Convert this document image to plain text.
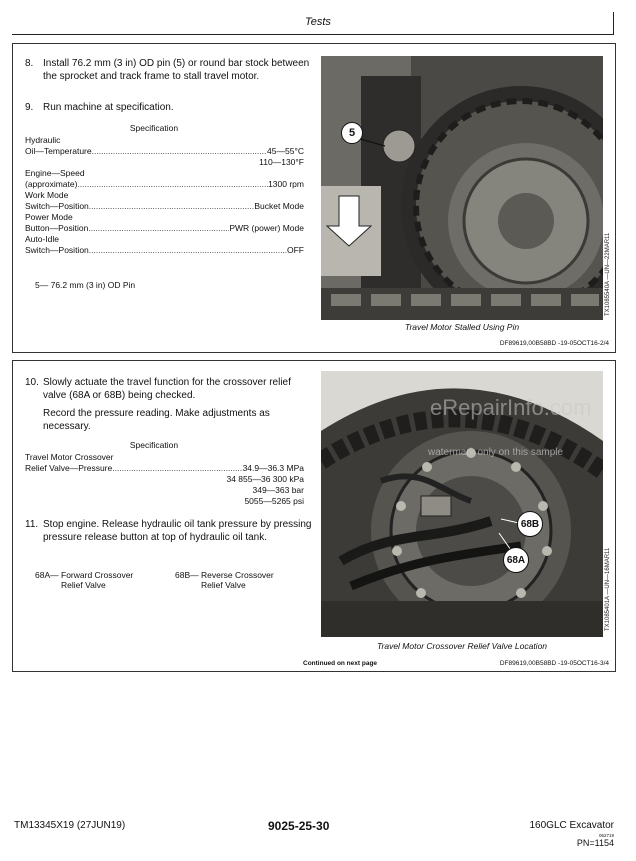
Tests
8. Install 76.2 mm (3 in) OD pin (5) or round bar stock between the sprocket and track frame to stall travel motor.
9. Run machine at specification.
Specification
Hydraulic
Oil—Temperature .....	45—55°C
110—130°F
Engine—Speed
(approximate) .....	1300 rpm
Work Mode
Switch—Position .....	Bucket Mode
Power Mode
Button—Position .....	PWR (power) Mode
Auto-Idle
Switch—Position .....	OFF
5— 76.2 mm (3 in) OD Pin
5
Travel Motor Stalled Using Pin
TX1085540A —UN—22MAR11
DF89619,00B58BD -19-05OCT16-2/4
10. Slowly actuate the travel function for the crossover relief valve (68A or 68B) being checked.
Record the pressure reading. Make adjustments as necessary.
Specification
Travel Motor Crossover
Relief Valve—Pressure .....	34.9—36.3 MPa
34 855—36 300 kPa
349—363 bar
5055—5265 psi
11. Stop engine. Release hydraulic oil tank pressure by pressing pressure release button at top of hydraulic oil tank.
68A— Forward Crossover
Relief Valve
68B— Reverse Crossover
Relief Valve
68B
68A
Travel Motor Crossover Relief Valve Location
TX1085401A —UN—16MAR11
Continued on next page	DF89619,00B58BD -19-05OCT16-3/4
eRepairInfo.com
watermark only on this sample
TM13345X19 (27JUN19)	9025-25-30	160GLC Excavator
062719
PN=1154
